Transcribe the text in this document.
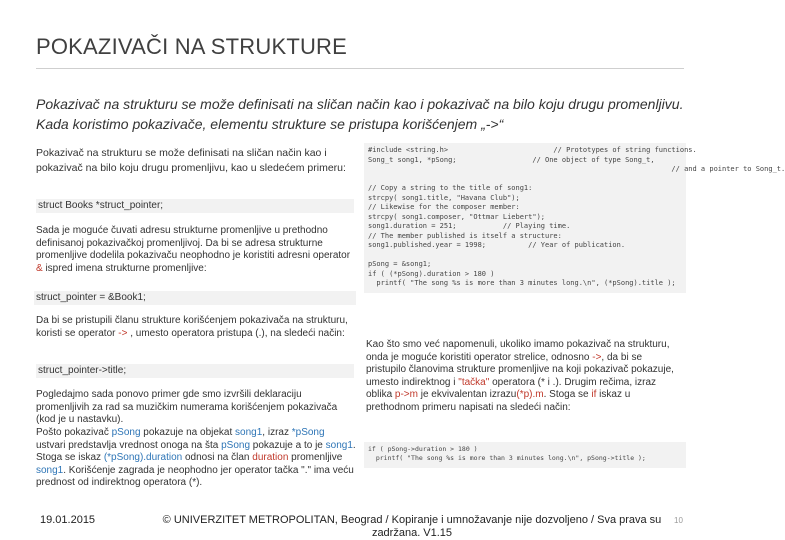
POKAZIVAČI NA STRUKTURE
Pokazivač na strukturu se može definisati na sličan način kao i pokazivač na bilo koju drugu promenljivu. Kada koristimo pokazivače, elementu strukture se pristupa korišćenjem „->“
Pokazivač na strukturu se može definisati na sličan način kao i pokazivač na bilo koju drugu promenljivu, kao u sledećem primeru:
struct Books *struct_pointer;
Sada je moguće čuvati adresu strukturne promenljive u prethodno definisanoj pokazivačkoj promenljivoj. Da bi se adresa strukturne promenljive dodelila pokazivaču neophodno je koristiti adresni operator & ispred imena strukturne promenljive:
struct_pointer = &Book1;
Da bi se pristupili članu strukture korišćenjem pokazivača na strukturu, koristi se operator -> , umesto operatora pristupa (.), na sledeći način:
struct_pointer->title;
Pogledajmo sada ponovo primer gde smo izvršili deklaraciju promenljivih za rad sa muzičkim numerama korišćenjem pokazivača (kod je u nastavku).
Pošto pokazivač pSong pokazuje na objekat song1, izraz *pSong ustvari predstavlja vrednost onoga na šta pSong pokazuje a to je song1. Stoga se iskaz (*pSong).duration odnosi na član duration promenljive song1. Korišćenje zagrada je neophodno jer operator tačka "." ima veću prednost od indirektnog operatora (*).
#include <string.h>                         // Prototypes of string functions.
Song_t song1, *pSong;                  // One object of type Song_t,
// and a pointer to Song_t.

// Copy a string to the title of song1:
strcpy( song1.title, "Havana Club");
// Likewise for the composer member:
strcpy( song1.composer, "Ottmar Liebert");
song1.duration = 251;           // Playing time.
// The member published is itself a structure:
song1.published.year = 1998;          // Year of publication.

pSong = &song1;
if ( (*pSong).duration > 180 )
printf( "The song %s is more than 3 minutes long.\n", (*pSong).title );
Kao što smo već napomenuli, ukoliko imamo pokazivač na strukturu, onda je moguće koristiti operator strelice, odnosno ->, da bi se pristupilo članovima strukture promenljive na koji pokazivač pokazuje, umesto indirektnog i "tačka" operatora (* i .). Drugim rečima, izraz oblika p->m je ekvivalentan izrazu(*p).m. Stoga se if iskaz u prethodnom primeru napisati na sledeći način:
if ( pSong->duration > 180 )
printf( "The song %s is more than 3 minutes long.\n", pSong->title );
19.01.2015	© UNIVERZITET METROPOLITAN, Beograd / Kopiranje i umnožavanje nije dozvoljeno / Sva prava su zadržana. V1.15
10
